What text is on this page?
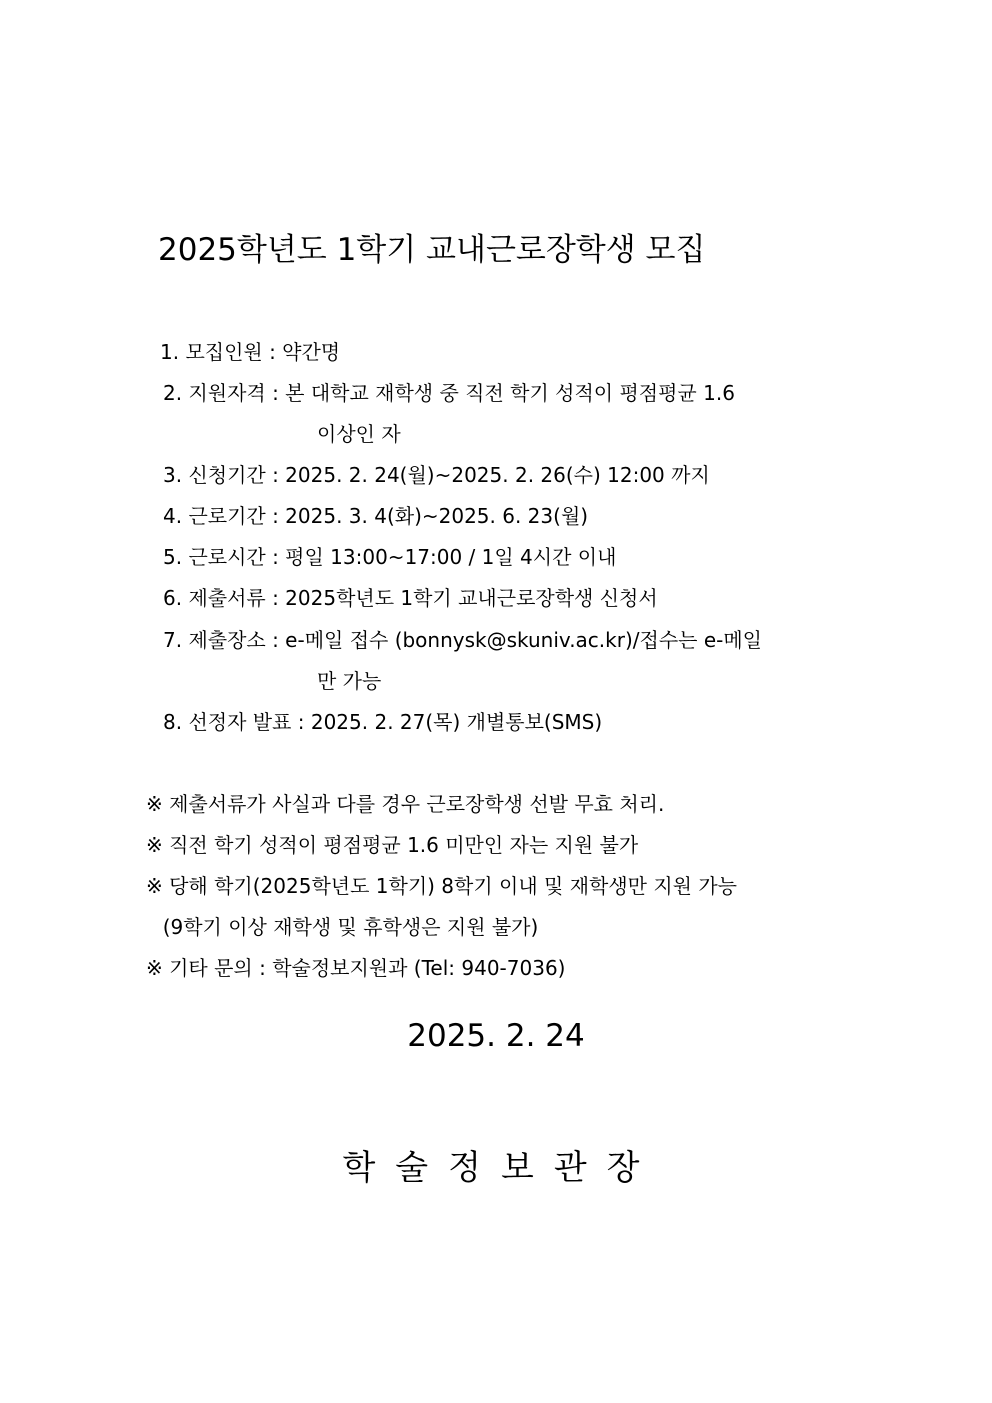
2025학년도 1학기 교내근로장학생 모집
1. 모집인원 : 약간명
2. 지원자격 : 본 대학교 재학생 중 직전 학기 성적이 평점평균 1.6
이상인 자
3. 신청기간 : 2025. 2. 24(월)~2025. 2. 26(수) 12:00 까지
4. 근로기간 : 2025. 3. 4(화)~2025. 6. 23(월)
5. 근로시간 : 평일 13:00~17:00 / 1일 4시간 이내
6. 제출서류 : 2025학년도 1학기 교내근로장학생 신청서
7. 제출장소 : e-메일 접수 (bonnysk@skuniv.ac.kr)/접수는 e-메일
만 가능
8. 선정자 발표 : 2025. 2. 27(목) 개별통보(SMS)
※ 제출서류가 사실과 다를 경우 근로장학생 선발 무효 처리.
※ 직전 학기 성적이 평점평균 1.6 미만인 자는 지원 불가
※ 당해 학기(2025학년도 1학기) 8학기 이내 및 재학생만 지원 가능
(9학기 이상 재학생 및 휴학생은 지원 불가)
※ 기타 문의 : 학술정보지원과 (Tel: 940-7036)
2025. 2. 24
학술정보관장
